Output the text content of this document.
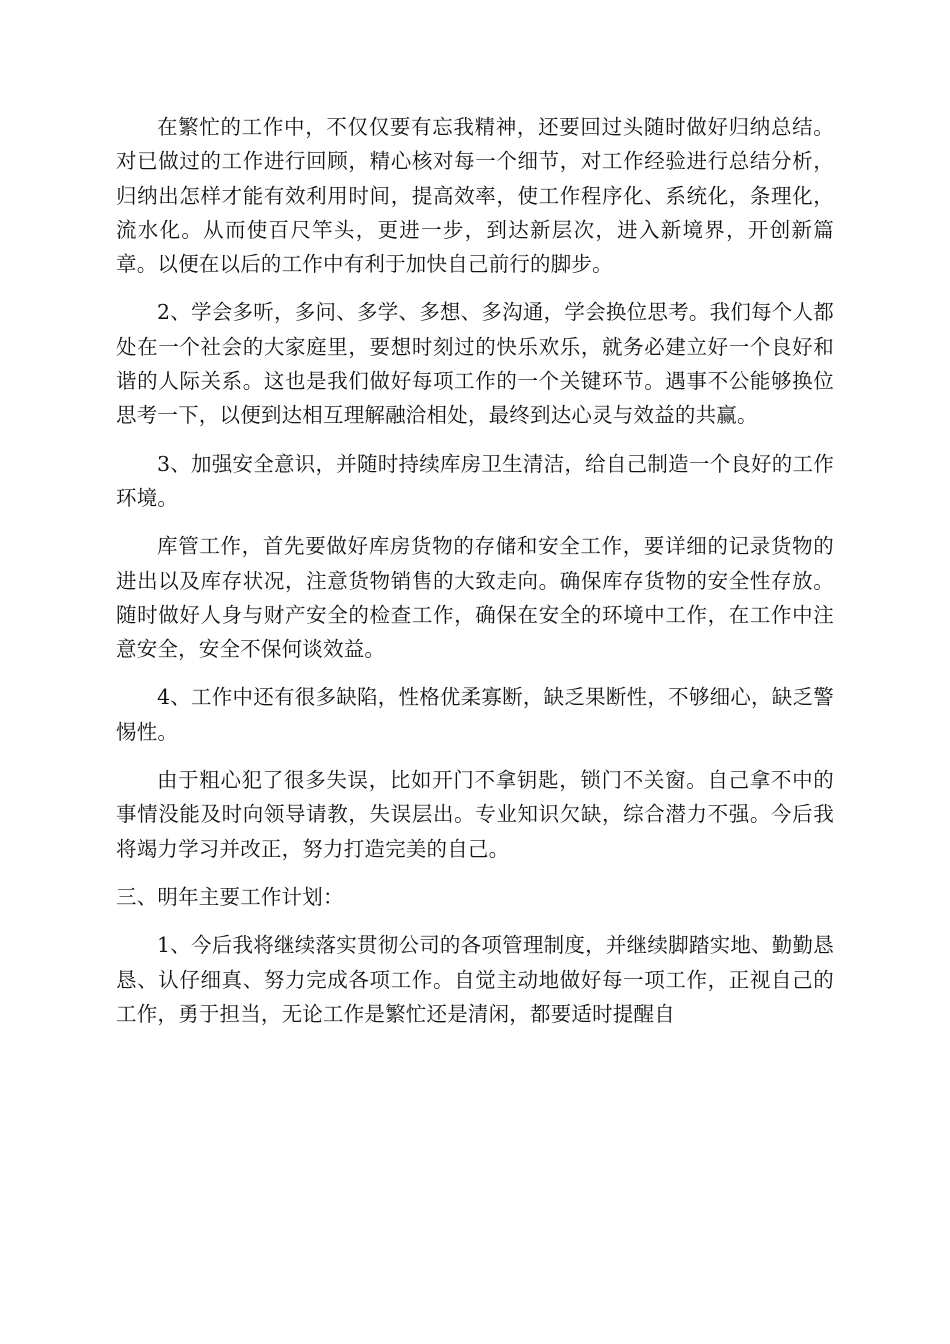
在繁忙的工作中，不仅仅要有忘我精神，还要回过头随时做好归纳总结。对已做过的工作进行回顾，精心核对每一个细节，对工作经验进行总结分析，归纳出怎样才能有效利用时间，提高效率，使工作程序化、系统化，条理化，流水化。从而使百尺竿头，更进一步，到达新层次，进入新境界，开创新篇章。以便在以后的工作中有利于加快自己前行的脚步。

2、学会多听，多问、多学、多想、多沟通，学会换位思考。我们每个人都处在一个社会的大家庭里，要想时刻过的快乐欢乐，就务必建立好一个良好和谐的人际关系。这也是我们做好每项工作的一个关键环节。遇事不公能够换位思考一下，以便到达相互理解融洽相处，最终到达心灵与效益的共赢。

3、加强安全意识，并随时持续库房卫生清洁，给自己制造一个良好的工作环境。

库管工作，首先要做好库房货物的存储和安全工作，要详细的记录货物的进出以及库存状况，注意货物销售的大致走向。确保库存货物的安全性存放。随时做好人身与财产安全的检查工作，确保在安全的环境中工作，在工作中注意安全，安全不保何谈效益。

4、工作中还有很多缺陷，性格优柔寡断，缺乏果断性，不够细心，缺乏警惕性。

由于粗心犯了很多失误，比如开门不拿钥匙，锁门不关窗。自己拿不中的事情没能及时向领导请教，失误层出。专业知识欠缺，综合潜力不强。今后我将竭力学习并改正，努力打造完美的自己。

三、明年主要工作计划：

1、今后我将继续落实贯彻公司的各项管理制度，并继续脚踏实地、勤勤恳恳、认仔细真、努力完成各项工作。自觉主动地做好每一项工作，正视自己的工作，勇于担当，无论工作是繁忙还是清闲，都要适时提醒自
